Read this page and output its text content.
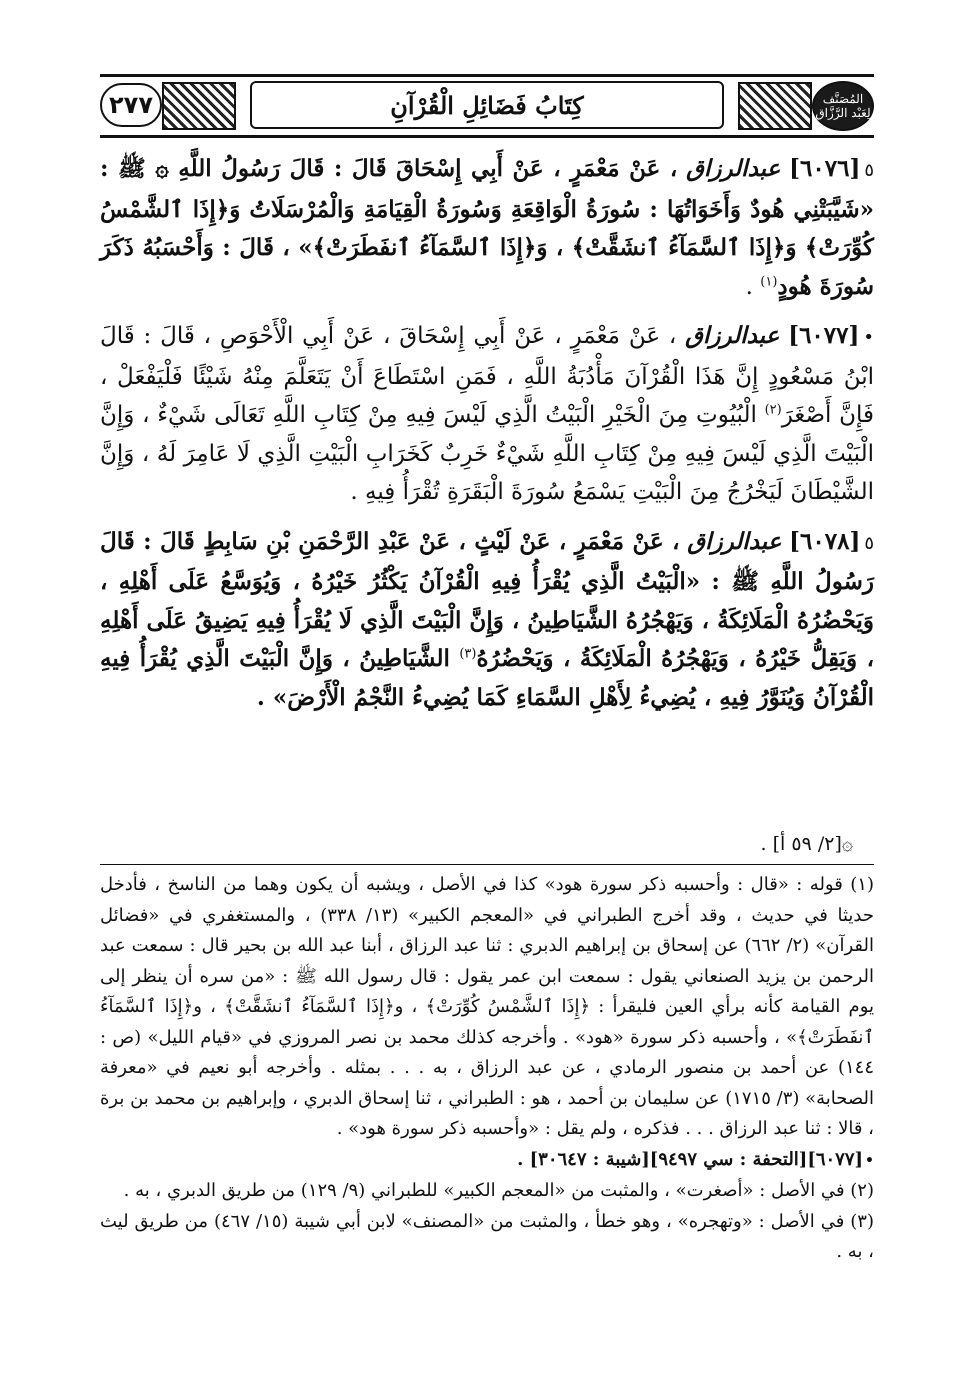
المُصَنَّف لِعَبْد الرَّزَّاق
كِتَابُ فَضَائِلِ الْقُرْآنِ
٢٧٧

٥[٦٠٧٦] عبدالرزاق ، عَنْ مَعْمَرٍ ، عَنْ أَبِي إِسْحَاقَ قَالَ : قَالَ رَسُولُ اللَّهِ ۞ ﷺ : «شَيَّبَتْنِي هُودٌ وَأَخَوَاتُهَا : سُورَةُ الْوَاقِعَةِ وَسُورَةُ الْقِيَامَةِ وَالْمُرْسَلَاتُ وَ﴿إِذَا ٱلشَّمْسُ كُوِّرَتْ﴾ وَ﴿إِذَا ٱلسَّمَآءُ ٱنشَقَّتْ﴾ ، وَ﴿إِذَا ٱلسَّمَآءُ ٱنفَطَرَتْ﴾» ، قَالَ : وَأَحْسَبُهُ ذَكَرَ سُورَةَ هُودٍ$^{(١)}$ .

•[٦٠٧٧] عبدالرزاق ، عَنْ مَعْمَرٍ ، عَنْ أَبِي إِسْحَاقَ ، عَنْ أَبِي الْأَحْوَصِ ، قَالَ : قَالَ ابْنُ مَسْعُودٍ إِنَّ هَذَا الْقُرْآنَ مَأْدُبَةُ اللَّهِ ، فَمَنِ اسْتَطَاعَ أَنْ يَتَعَلَّمَ مِنْهُ شَيْئًا فَلْيَفْعَلْ ، فَإِنَّ أَصْغَرَ$^{(٢)}$ الْبُيُوتِ مِنَ الْخَيْرِ الْبَيْتُ الَّذِي لَيْسَ فِيهِ مِنْ كِتَابِ اللَّهِ تَعَالَى شَيْءٌ ، وَإِنَّ الْبَيْتَ الَّذِي لَيْسَ فِيهِ مِنْ كِتَابِ اللَّهِ شَيْءٌ خَرِبٌ كَخَرَابِ الْبَيْتِ الَّذِي لَا عَامِرَ لَهُ ، وَإِنَّ الشَّيْطَانَ لَيَخْرُجُ مِنَ الْبَيْتِ يَسْمَعُ سُورَةَ الْبَقَرَةِ تُقْرَأُ فِيهِ .

٥[٦٠٧٨] عبدالرزاق ، عَنْ مَعْمَرٍ ، عَنْ لَيْثٍ ، عَنْ عَبْدِ الرَّحْمَنِ بْنِ سَابِطٍ قَالَ : قَالَ رَسُولُ اللَّهِ ﷺ : «الْبَيْتُ الَّذِي يُقْرَأُ فِيهِ الْقُرْآنُ يَكْثُرُ خَيْرُهُ ، وَيُوَسَّعُ عَلَى أَهْلِهِ ، وَيَحْضُرُهُ الْمَلَائِكَةُ ، وَيَهْجُرُهُ الشَّيَاطِينُ ، وَإِنَّ الْبَيْتَ الَّذِي لَا يُقْرَأُ فِيهِ يَضِيقُ عَلَى أَهْلِهِ ، وَيَقِلُّ خَيْرُهُ ، وَيَهْجُرُهُ الْمَلَائِكَةُ ، وَيَحْضُرُهُ$^{(٣)}$ الشَّيَاطِينُ ، وَإِنَّ الْبَيْتَ الَّذِي يُقْرَأُ فِيهِ الْقُرْآنُ وَيُنَوَّرُ فِيهِ ، يُضِيءُ لِأَهْلِ السَّمَاءِ كَمَا يُضِيءُ النَّجْمُ الْأَرْضَ» .

۞[٢/ ٥٩ أ] .

(١) قوله : «قال : وأحسبه ذكر سورة هود» كذا في الأصل ، ويشبه أن يكون وهما من الناسخ ، فأدخل حديثا في حديث ، وقد أخرج الطبراني في «المعجم الكبير» (١٣/ ٣٣٨) ، والمستغفري في «فضائل القرآن» (٢/ ٦٦٢) عن إسحاق بن إبراهيم الدبري : ثنا عبد الرزاق ، أبنا عبد الله بن بحير قال : سمعت عبد الرحمن بن يزيد الصنعاني يقول : سمعت ابن عمر يقول : قال رسول الله ﷺ : «من سره أن ينظر إلى يوم القيامة كأنه برأي العين فليقرأ : ﴿إِذَا ٱلشَّمْسُ كُوِّرَتْ﴾ ، و﴿إِذَا ٱلسَّمَآءُ ٱنشَقَّتْ﴾ ، و﴿إِذَا ٱلسَّمَآءُ ٱنفَطَرَتْ﴾» ، وأحسبه ذكر سورة «هود» . وأخرجه كذلك محمد بن نصر المروزي في «قيام الليل» (ص : ١٤٤) عن أحمد بن منصور الرمادي ، عن عبد الرزاق ، به . . . بمثله . وأخرجه أبو نعيم في «معرفة الصحابة» (٣/ ١٧١٥) عن سليمان بن أحمد ، هو : الطبراني ، ثنا إسحاق الدبري ، وإبراهيم بن محمد بن برة ، قالا : ثنا عبد الرزاق . . . فذكره ، ولم يقل : «وأحسبه ذكر سورة هود» .

•[٦٠٧٧][التحفة : سي ٩٤٩٧][شيبة : ٣٠٦٤٧] .

(٢) في الأصل : «أصغرت» ، والمثبت من «المعجم الكبير» للطبراني (٩/ ١٢٩) من طريق الدبري ، به .

(٣) في الأصل : «وتهجره» ، وهو خطأ ، والمثبت من «المصنف» لابن أبي شيبة (١٥/ ٤٦٧) من طريق ليث ، به .
